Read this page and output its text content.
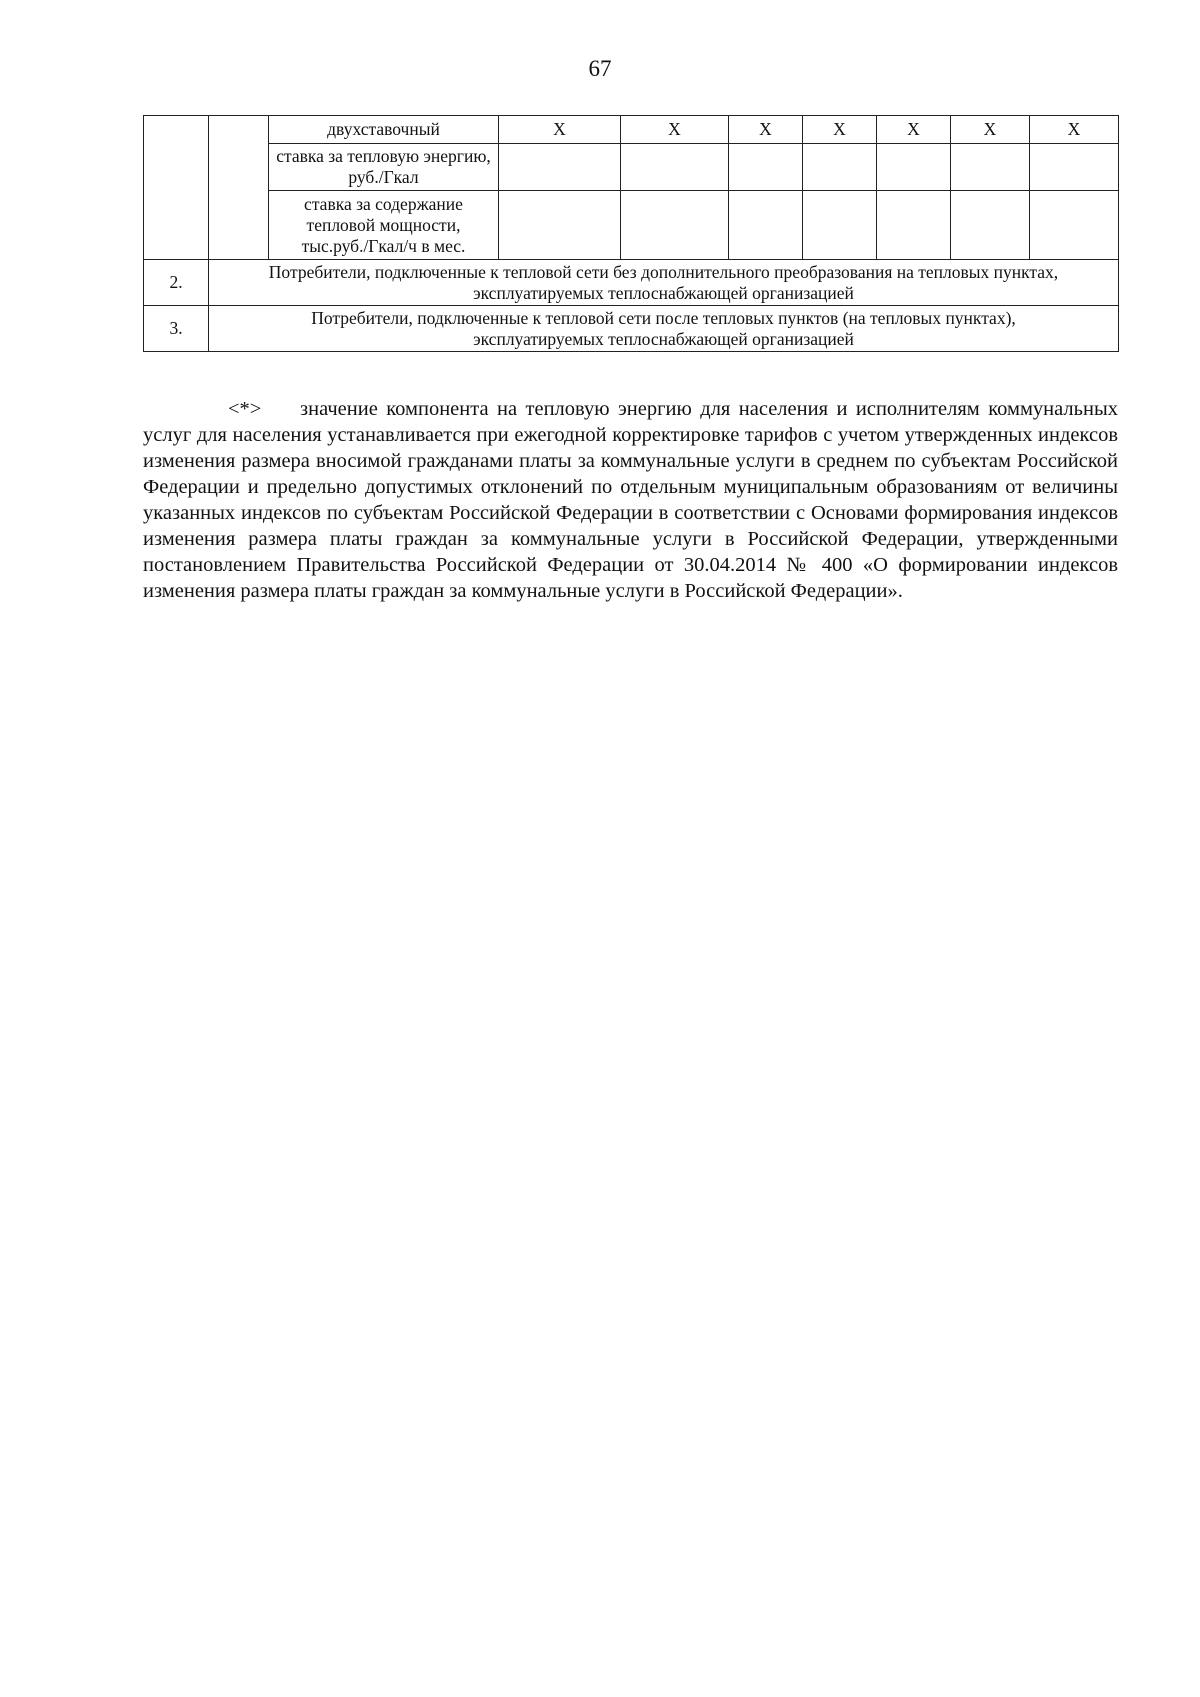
67
		двухставочный	X	X	X	X	X	X	X
		ставка за тепловую энергию, руб./Гкал							
		ставка за содержание тепловой мощности, тыс.руб./Гкал/ч в мес.							
2.	Потребители, подключенные к тепловой сети без дополнительного преобразования на тепловых пунктах, эксплуатируемых теплоснабжающей организацией								
3.	Потребители, подключенные к тепловой сети после тепловых пунктов (на тепловых пунктах), эксплуатируемых теплоснабжающей организацией								
<*> значение компонента на тепловую энергию для населения и исполнителям коммунальных услуг для населения устанавливается при ежегодной корректировке тарифов с учетом утвержденных индексов изменения размера вносимой гражданами платы за коммунальные услуги в среднем по субъектам Российской Федерации и предельно допустимых отклонений по отдельным муниципальным образованиям от величины указанных индексов по субъектам Российской Федерации в соответствии с Основами формирования индексов изменения размера платы граждан за коммунальные услуги в Российской Федерации, утвержденными постановлением Правительства Российской Федерации от 30.04.2014 № 400 «О формировании индексов изменения размера платы граждан за коммунальные услуги в Российской Федерации».
